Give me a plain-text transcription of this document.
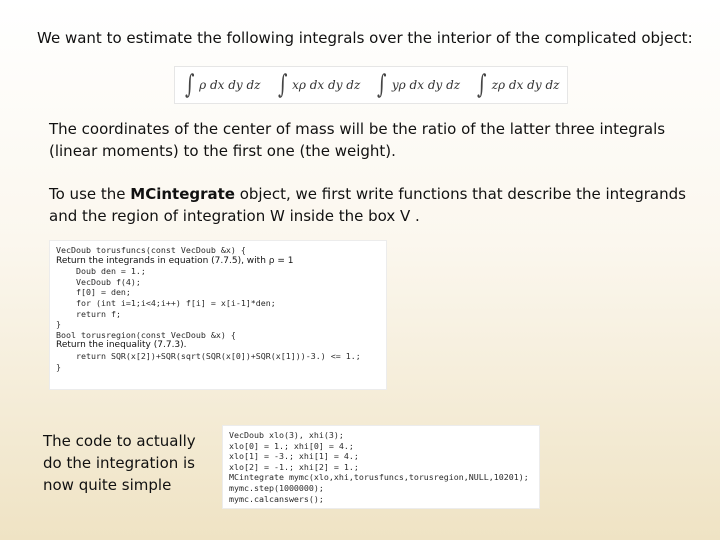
We want to estimate the following integrals over the interior of the complicated object:
∫ ρ dx dy dz ∫ xρ dx dy dz ∫ yρ dx dy dz ∫ zρ dx dy dz
The coordinates of the center of mass will be the ratio of the latter three integrals (linear moments) to the first one (the weight).
To use the MCintegrate object, we first write functions that describe the integrands and the region of integration W inside the box V .
VecDoub torusfuncs(const VecDoub &x) {
Return the integrands in equation (7.7.5), with ρ = 1
Doub den = 1.;
VecDoub f(4);
f[0] = den;
for (int i=1;i<4;i++) f[i] = x[i-1]*den;
return f;
}
Bool torusregion(const VecDoub &x) {
Return the inequality (7.7.3).
return SQR(x[2])+SQR(sqrt(SQR(x[0])+SQR(x[1]))-3.) <= 1.;
}
The code to actually do the integration is now quite simple
VecDoub xlo(3), xhi(3);
xlo[0] = 1.; xhi[0] = 4.;
xlo[1] = -3.; xhi[1] = 4.;
xlo[2] = -1.; xhi[2] = 1.;
MCintegrate mymc(xlo,xhi,torusfuncs,torusregion,NULL,10201);
mymc.step(1000000);
mymc.calcanswers();
